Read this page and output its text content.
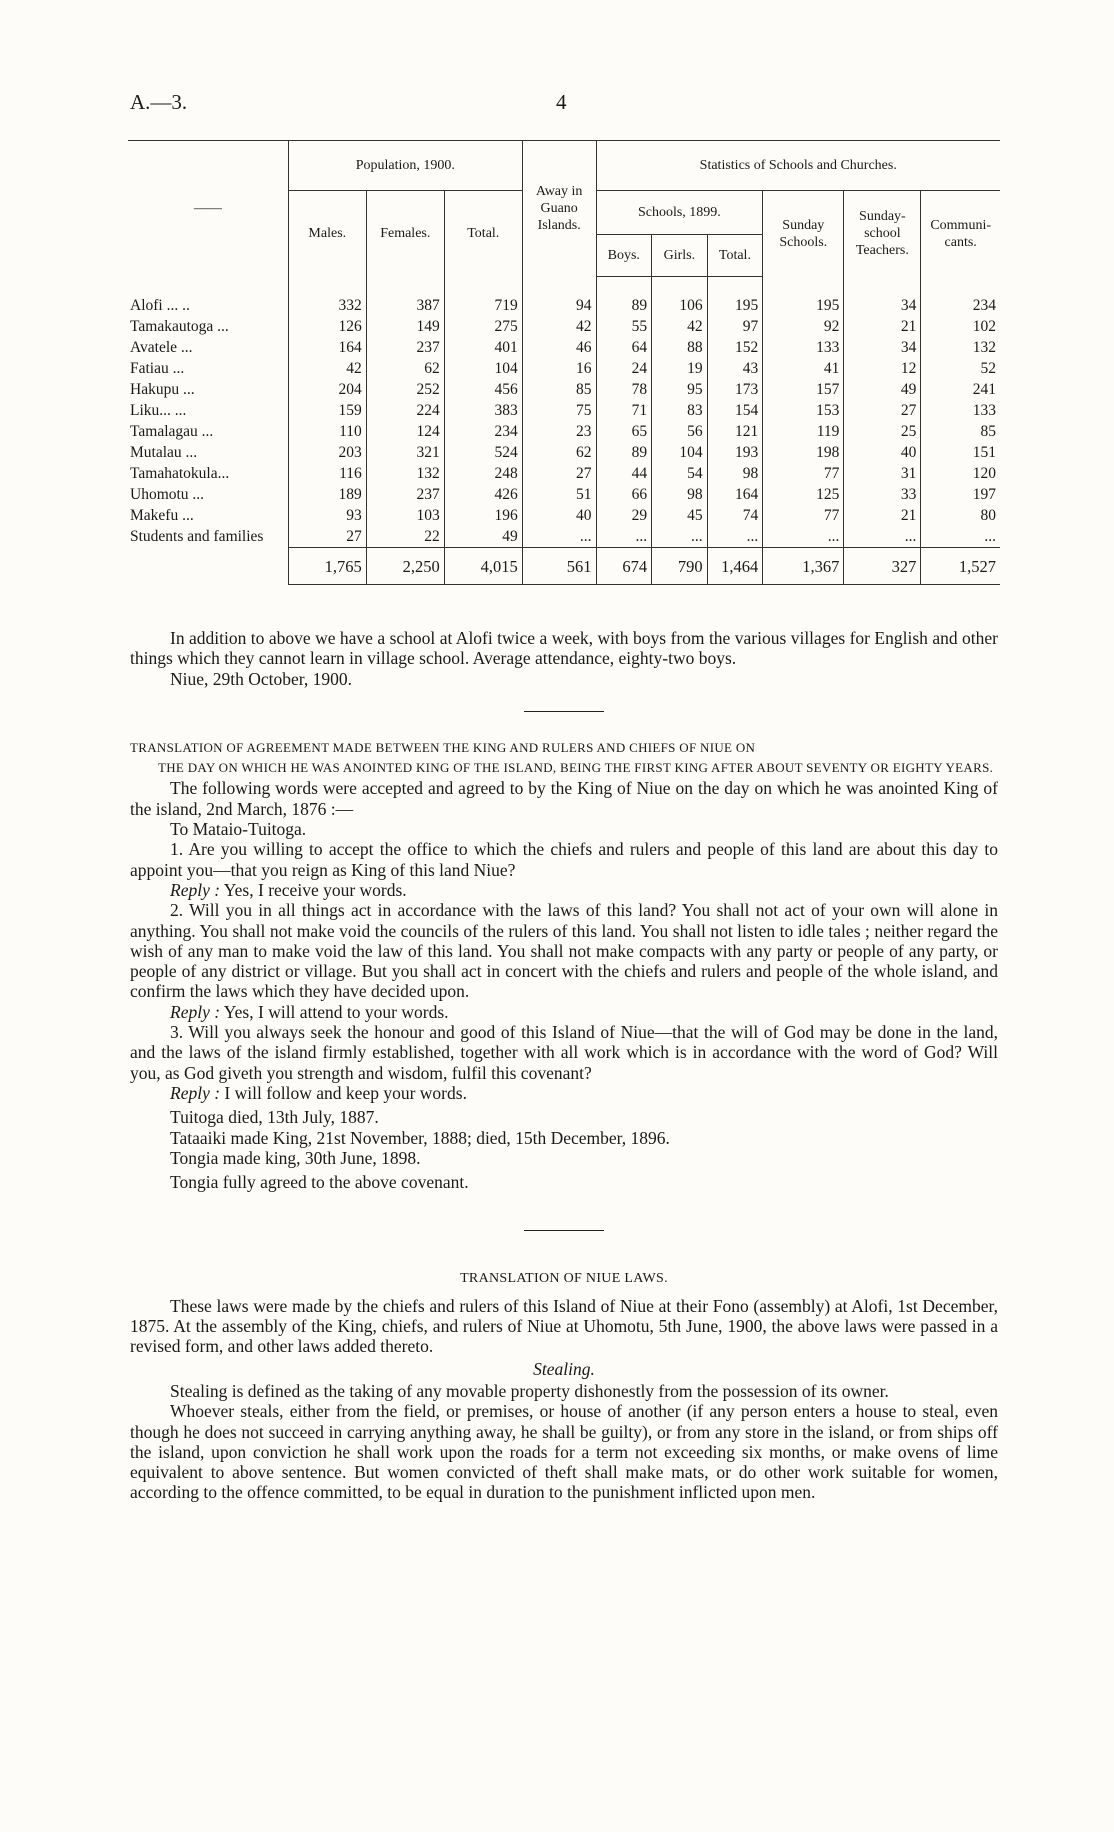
A.—3.	4
——	Population, 1900.			Away in Guano Islands.	Statistics of Schools and Churches.					
	Males.	Females.	Total.		Schools, 1899.			Sunday Schools.	Sunday-school Teachers.	Communi-cants.
					Boys.	Girls.	Total.			

Alofi ... ..	332	387	719	94	89	106	195	195	34	234
Tamakautoga ...	126	149	275	42	55	42	97	92	21	102
Avatele ...	164	237	401	46	64	88	152	133	34	132
Fatiau ...	42	62	104	16	24	19	43	41	12	52
Hakupu ...	204	252	456	85	78	95	173	157	49	241
Liku... ...	159	224	383	75	71	83	154	153	27	133
Tamalagau ...	110	124	234	23	65	56	121	119	25	85
Mutalau ...	203	321	524	62	89	104	193	198	40	151
Tamahatokula...	116	132	248	27	44	54	98	77	31	120
Uhomotu ...	189	237	426	51	66	98	164	125	33	197
Makefu ...	93	103	196	40	29	45	74	77	21	80
Students and families	27	22	49	...	...	...	...	...	...	...
	1,765	2,250	4,015	561	674	790	1,464	1,367	327	1,527

In addition to above we have a school at Alofi twice a week, with boys from the various villages for English and other things which they cannot learn in village school. Average attendance, eighty-two boys.

Niue, 29th October, 1900.

TRANSLATION OF AGREEMENT MADE BETWEEN THE KING AND RULERS AND CHIEFS OF NIUE ON
THE DAY ON WHICH HE WAS ANOINTED KING OF THE ISLAND, BEING THE FIRST KING AFTER ABOUT SEVENTY OR EIGHTY YEARS.

The following words were accepted and agreed to by the King of Niue on the day on which he was anointed King of the island, 2nd March, 1876 :—

To Mataio-Tuitoga.

1. Are you willing to accept the office to which the chiefs and rulers and people of this land are about this day to appoint you—that you reign as King of this land Niue?

Reply : Yes, I receive your words.

2. Will you in all things act in accordance with the laws of this land? You shall not act of your own will alone in anything. You shall not make void the councils of the rulers of this land. You shall not listen to idle tales ; neither regard the wish of any man to make void the law of this land. You shall not make compacts with any party or people of any party, or people of any district or village. But you shall act in concert with the chiefs and rulers and people of the whole island, and confirm the laws which they have decided upon.

Reply : Yes, I will attend to your words.

3. Will you always seek the honour and good of this Island of Niue—that the will of God may be done in the land, and the laws of the island firmly established, together with all work which is in accordance with the word of God? Will you, as God giveth you strength and wisdom, fulfil this covenant?

Reply : I will follow and keep your words.

Tuitoga died, 13th July, 1887.

Tataaiki made King, 21st November, 1888; died, 15th December, 1896.

Tongia made king, 30th June, 1898.

Tongia fully agreed to the above covenant.

TRANSLATION OF NIUE LAWS.

These laws were made by the chiefs and rulers of this Island of Niue at their Fono (assembly) at Alofi, 1st December, 1875. At the assembly of the King, chiefs, and rulers of Niue at Uhomotu, 5th June, 1900, the above laws were passed in a revised form, and other laws added thereto.

Stealing.

Stealing is defined as the taking of any movable property dishonestly from the possession of its owner.

Whoever steals, either from the field, or premises, or house of another (if any person enters a house to steal, even though he does not succeed in carrying anything away, he shall be guilty), or from any store in the island, or from ships off the island, upon conviction he shall work upon the roads for a term not exceeding six months, or make ovens of lime equivalent to above sentence. But women convicted of theft shall make mats, or do other work suitable for women, according to the offence committed, to be equal in duration to the punishment inflicted upon men.
